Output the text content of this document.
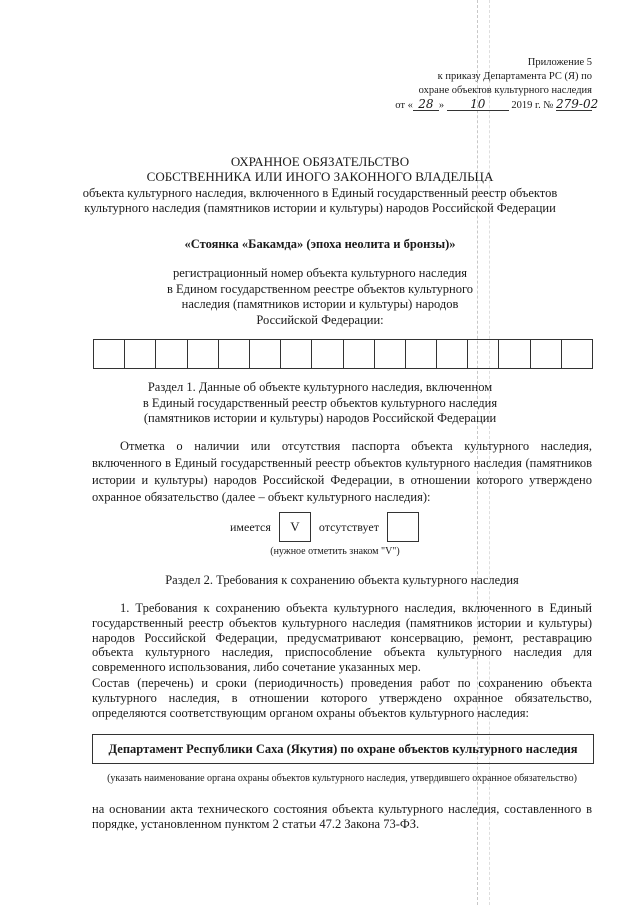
Приложение 5
к приказу Департамента РС (Я) по
охране объектов культурного наследия
от « 28 » 10 2019 г. № 279-02
ОХРАННОЕ ОБЯЗАТЕЛЬСТВО
СОБСТВЕННИКА ИЛИ ИНОГО ЗАКОННОГО ВЛАДЕЛЬЦА
объекта культурного наследия, включенного в Единый государственный реестр объектов
культурного наследия (памятников истории и культуры) народов Российской Федерации
«Стоянка «Бакамда» (эпоха неолита и бронзы)»
регистрационный номер объекта культурного наследия
в Едином государственном реестре объектов культурного
наследия (памятников истории и культуры) народов
Российской Федерации:
Раздел 1. Данные об объекте культурного наследия, включенном
в Единый государственный реестр объектов культурного наследия
(памятников истории и культуры) народов Российской Федерации
Отметка о наличии или отсутствия паспорта объекта культурного наследия, включенного в Единый государственный реестр объектов культурного наследия (памятников истории и культуры) народов Российской Федерации, в отношении которого утверждено охранное обязательство (далее – объект культурного наследия):
имеется	V	отсутствует
(нужное отметить знаком "V")
Раздел 2. Требования к сохранению объекта культурного наследия
1. Требования к сохранению объекта культурного наследия, включенного в Единый государственный реестр объектов культурного наследия (памятников истории и культуры) народов Российской Федерации, предусматривают консервацию, ремонт, реставрацию объекта культурного наследия, приспособление объекта культурного наследия для современного использования, либо сочетание указанных мер.
Состав (перечень) и сроки (периодичность) проведения работ по сохранению объекта культурного наследия, в отношении которого утверждено охранное обязательство, определяются соответствующим органом охраны объектов культурного наследия:
Департамент Республики Саха (Якутия) по охране объектов культурного наследия
(указать наименование органа охраны объектов культурного наследия, утвердившего охранное обязательство)
на основании акта технического состояния объекта культурного наследия, составленного в порядке, установленном пунктом 2 статьи 47.2 Закона 73-ФЗ.
